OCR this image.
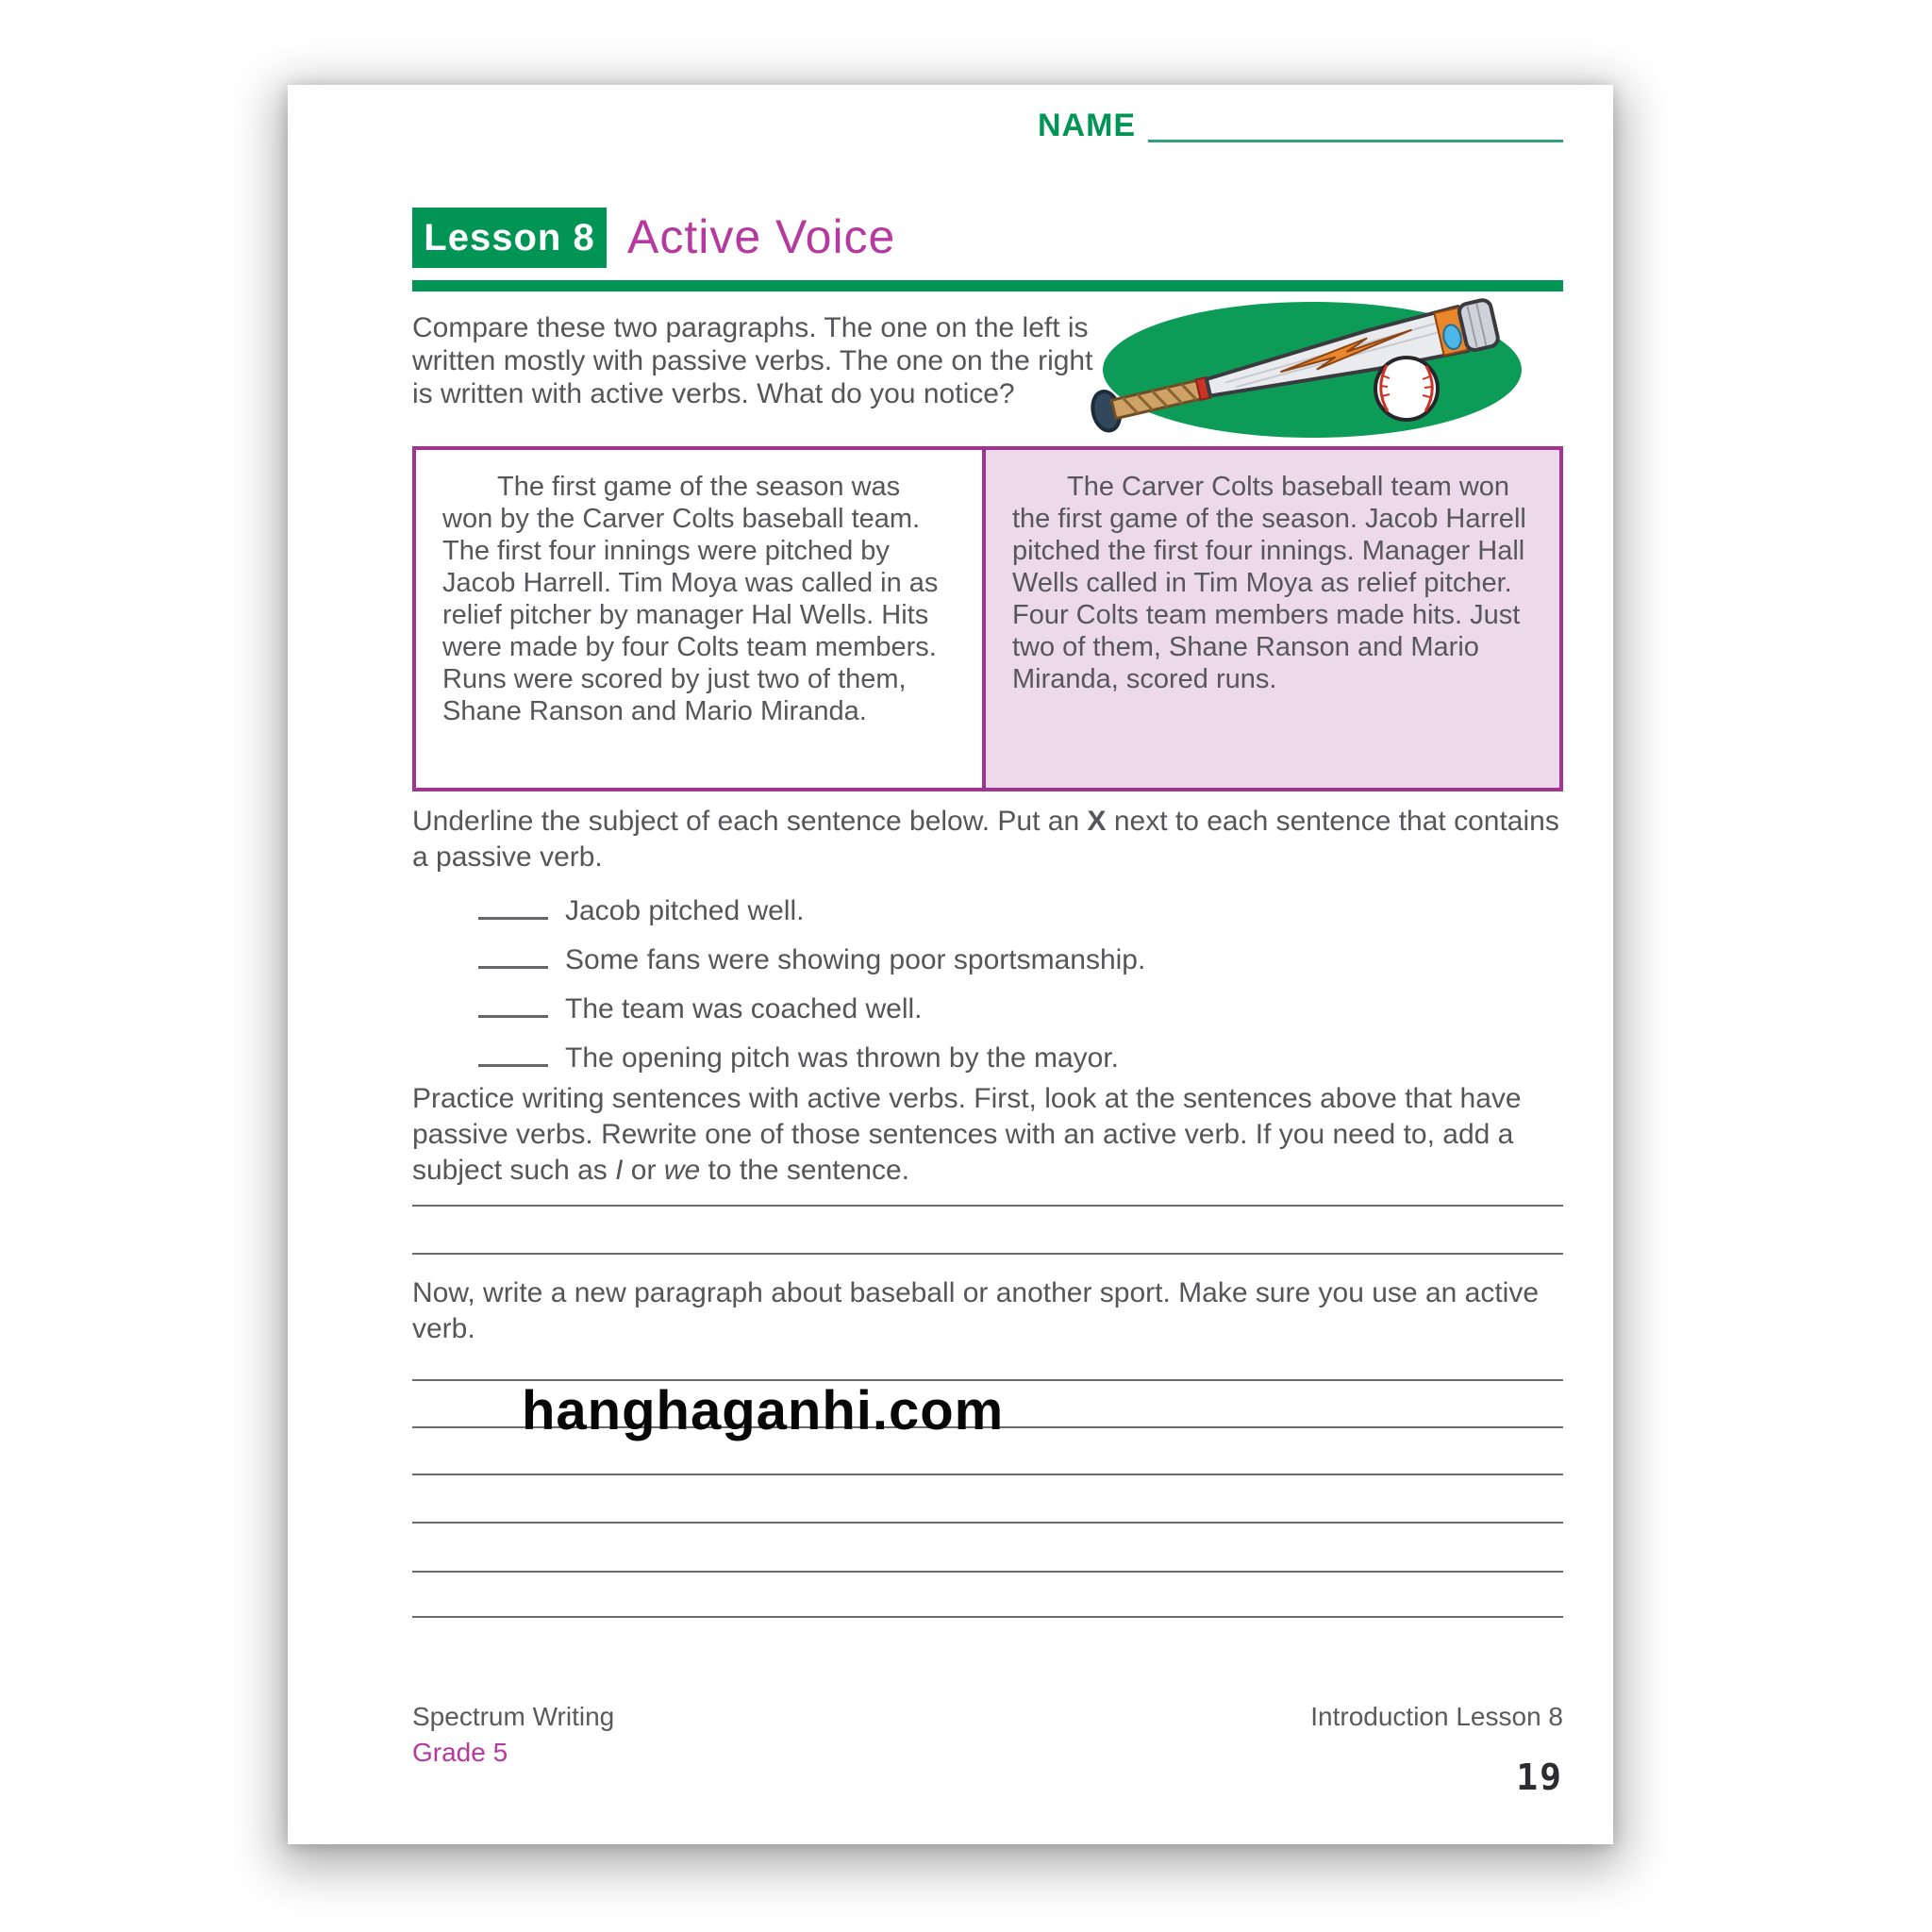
NAME
Lesson 8 Active Voice
Compare these two paragraphs. The one on the left is written mostly with passive verbs. The one on the right is written with active verbs. What do you notice?

The first game of the season was won by the Carver Colts baseball team. The first four innings were pitched by Jacob Harrell. Tim Moya was called in as relief pitcher by manager Hal Wells. Hits were made by four Colts team members. Runs were scored by just two of them, Shane Ranson and Mario Miranda.

The Carver Colts baseball team won the first game of the season. Jacob Harrell pitched the first four innings. Manager Hall Wells called in Tim Moya as relief pitcher. Four Colts team members made hits. Just two of them, Shane Ranson and Mario Miranda, scored runs.

Underline the subject of each sentence below. Put an X next to each sentence that contains a passive verb.
Jacob pitched well.
Some fans were showing poor sportsmanship.
The team was coached well.
The opening pitch was thrown by the mayor.
Practice writing sentences with active verbs. First, look at the sentences above that have passive verbs. Rewrite one of those sentences with an active verb. If you need to, add a subject such as I or we to the sentence.
Now, write a new paragraph about baseball or another sport. Make sure you use an active verb.
hanghaganhi.com
Spectrum Writing
Grade 5
Introduction Lesson 8
19
